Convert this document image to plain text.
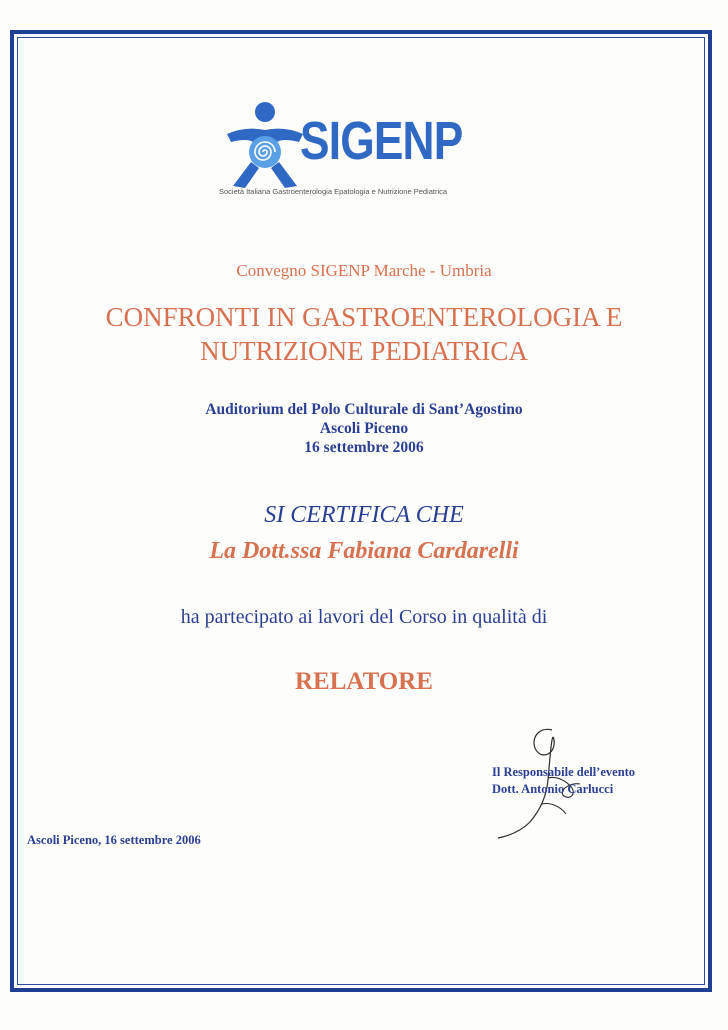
SIGENP
Società Italiana Gastroenterologia Epatologia e Nutrizione Pediatrica
Convegno SIGENP Marche - Umbria
CONFRONTI IN GASTROENTEROLOGIA E
NUTRIZIONE PEDIATRICA
Auditorium del Polo Culturale di Sant’Agostino
Ascoli Piceno
16 settembre 2006
SI CERTIFICA CHE
La Dott.ssa Fabiana Cardarelli
ha partecipato ai lavori del Corso in qualità di
RELATORE
Il Responsabile dell’evento
Dott. Antonio Carlucci
Ascoli Piceno, 16 settembre 2006
